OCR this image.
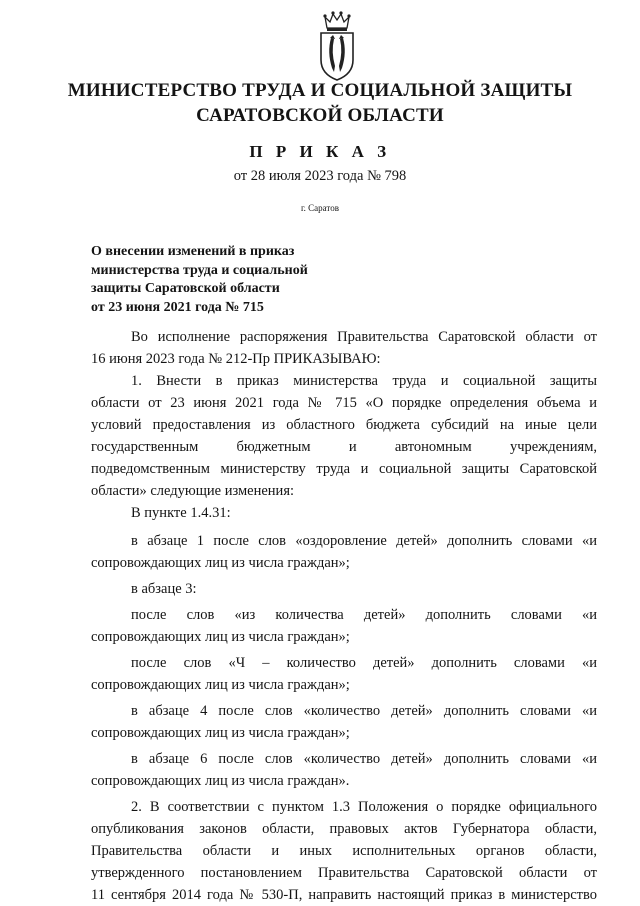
МИНИСТЕРСТВО ТРУДА И СОЦИАЛЬНОЙ ЗАЩИТЫ
САРАТОВСКОЙ ОБЛАСТИ
П Р И К А З
от 28 июля 2023 года № 798
г. Саратов
О внесении изменений в приказ
министерства труда и социальной
защиты Саратовской области
от 23 июня 2021 года № 715
Во исполнение распоряжения Правительства Саратовской области от
16 июня 2023 года № 212-Пр ПРИКАЗЫВАЮ:
1. Внести в приказ министерства труда и социальной защиты
области от 23 июня 2021 года № 715 «О порядке определения объема и
условий предоставления из областного бюджета субсидий на иные цели
государственным бюджетным и автономным учреждениям,
подведомственным министерству труда и социальной защиты Саратовской
области» следующие изменения:
В пункте 1.4.31:
в абзаце 1 после слов «оздоровление детей» дополнить словами «и
сопровождающих лиц из числа граждан»;
в абзаце 3:
после слов «из количества детей» дополнить словами «и
сопровождающих лиц из числа граждан»;
после слов «Ч – количество детей» дополнить словами «и
сопровождающих лиц из числа граждан»;
в абзаце 4 после слов «количество детей» дополнить словами «и
сопровождающих лиц из числа граждан»;
в абзаце 6 после слов «количество детей» дополнить словами «и
сопровождающих лиц из числа граждан».
2. В соответствии с пунктом 1.3 Положения о порядке официального
опубликования законов области, правовых актов Губернатора области,
Правительства области и иных исполнительных органов области,
утвержденного постановлением Правительства Саратовской области от
11 сентября 2014 года № 530-П, направить настоящий приказ в министерство
